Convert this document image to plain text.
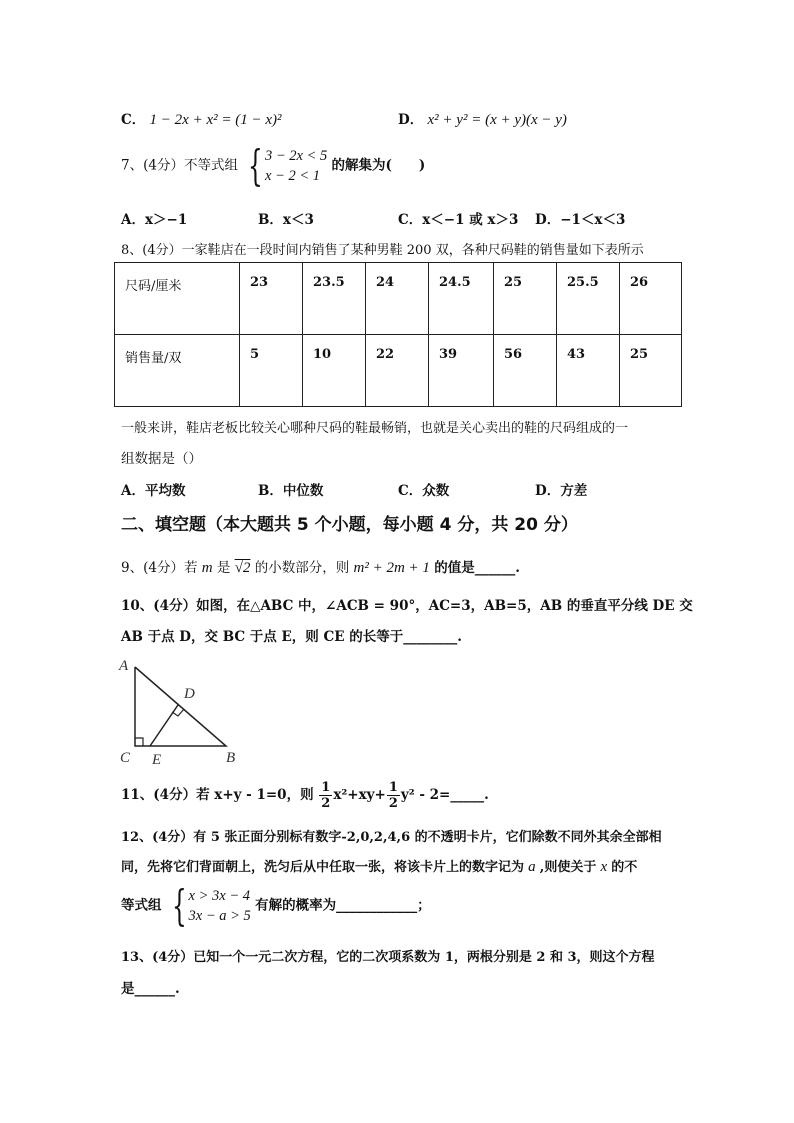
C． 1 − 2x + x² = (1 − x)²	D． x² + y² = (x + y)(x − y)
7、(4分）不等式组 { 3 − 2x < 5
x − 2 < 1
的解集为(　　)
A．x＞−1	B．x＜3	C．x＜−1 或 x＞3 D．−1＜x＜3
8、(4分）一家鞋店在一段时间内销售了某种男鞋 200 双，各种尺码鞋的销售量如下表所示
尺码/厘米	23	23.5	24	24.5	25	25.5	26
销售量/双	5	10	22	39	56	43	25
一般来讲，鞋店老板比较关心哪种尺码的鞋最畅销，也就是关心卖出的鞋的尺码组成的一
组数据是（）
A．平均数	B．中位数	C．众数	D．方差
二、填空题（本大题共 5 个小题，每小题 4 分，共 20 分）
9、(4分）若 m 是 √2 的小数部分，则 m² + 2m + 1 的值是______.
10、(4分）如图，在△ABC 中，∠ACB = 90°，AC=3，AB=5，AB 的垂直平分线 DE 交
AB 于点 D，交 BC 于点 E，则 CE 的长等于________.
A
D
C E	B
11、(4分）若 x+y - 1=0，则 $\frac{1}{2} x^2+xy+ \frac{1}{2} y^2$ - 2=_____.
12、(4分）有 5 张正面分别标有数字-2,0,2,4,6 的不透明卡片，它们除数不同外其余全部相
同，先将它们背面朝上，洗匀后从中任取一张，将该卡片上的数字记为 a ,则使关于 x 的不
等式组 { x > 3x − 4
3x − a > 5
有解的概率为____________；
13、(4分）已知一个一元二次方程，它的二次项系数为 1，两根分别是 2 和 3，则这个方程
是______.
